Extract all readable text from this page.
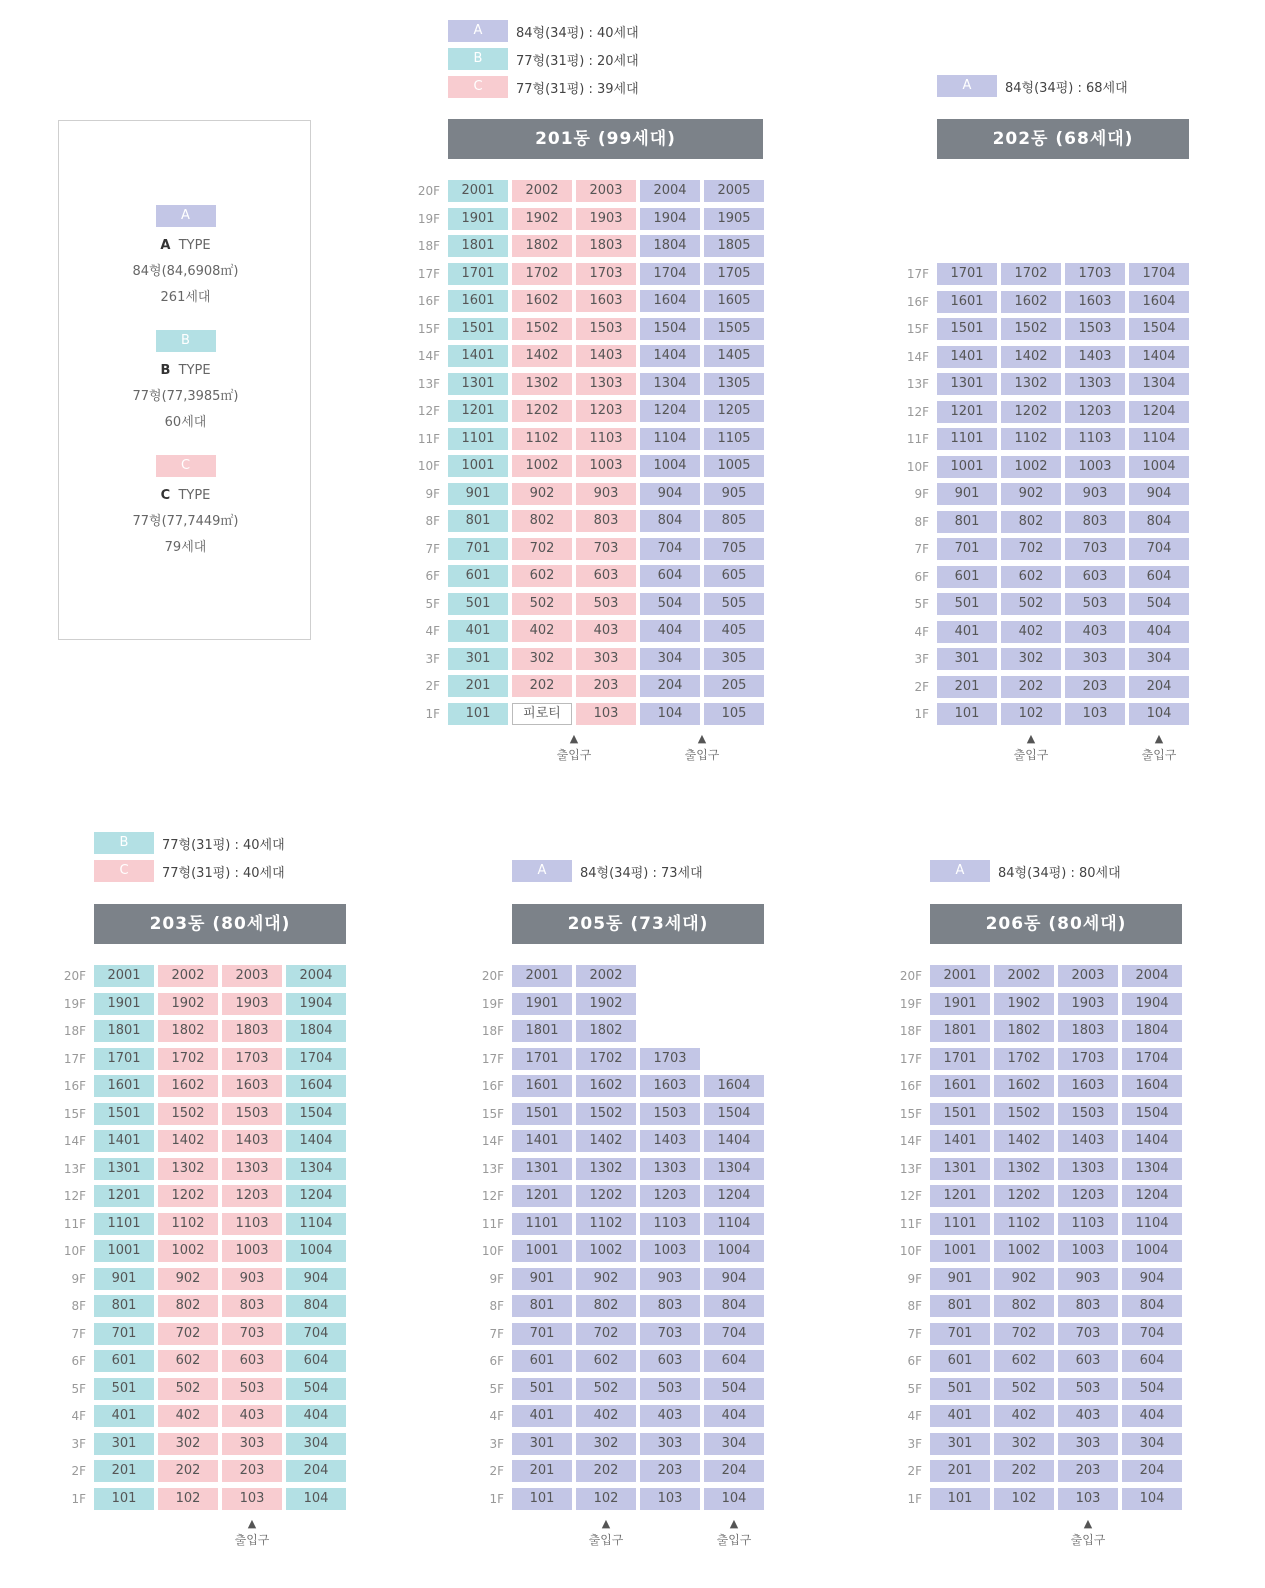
A
A TYPE
84형(84,6908㎡)
261세대
B
B TYPE
77형(77,3985㎡)
60세대
C
C TYPE
77형(77,7449㎡)
79세대
A	84형(34평) : 40세대
B	77형(31평) : 20세대
C	77형(31평) : 39세대
201동 (99세대)
20F	2001	2002	2003	2004	2005
19F	1901	1902	1903	1904	1905
18F	1801	1802	1803	1804	1805
17F	1701	1702	1703	1704	1705
16F	1601	1602	1603	1604	1605
15F	1501	1502	1503	1504	1505
14F	1401	1402	1403	1404	1405
13F	1301	1302	1303	1304	1305
12F	1201	1202	1203	1204	1205
11F	1101	1102	1103	1104	1105
10F	1001	1002	1003	1004	1005
9F	901	902	903	904	905
8F	801	802	803	804	805
7F	701	702	703	704	705
6F	601	602	603	604	605
5F	501	502	503	504	505
4F	401	402	403	404	405
3F	301	302	303	304	305
2F	201	202	203	204	205
1F	101	피로티	103	104	105
▲
출입구
▲
출입구
A	84형(34평) : 68세대
202동 (68세대)
17F	1701	1702	1703	1704
16F	1601	1602	1603	1604
15F	1501	1502	1503	1504
14F	1401	1402	1403	1404
13F	1301	1302	1303	1304
12F	1201	1202	1203	1204
11F	1101	1102	1103	1104
10F	1001	1002	1003	1004
9F	901	902	903	904
8F	801	802	803	804
7F	701	702	703	704
6F	601	602	603	604
5F	501	502	503	504
4F	401	402	403	404
3F	301	302	303	304
2F	201	202	203	204
1F	101	102	103	104
▲
출입구
▲
출입구
B	77형(31평) : 40세대
C	77형(31평) : 40세대
203동 (80세대)
20F	2001	2002	2003	2004
19F	1901	1902	1903	1904
18F	1801	1802	1803	1804
17F	1701	1702	1703	1704
16F	1601	1602	1603	1604
15F	1501	1502	1503	1504
14F	1401	1402	1403	1404
13F	1301	1302	1303	1304
12F	1201	1202	1203	1204
11F	1101	1102	1103	1104
10F	1001	1002	1003	1004
9F	901	902	903	904
8F	801	802	803	804
7F	701	702	703	704
6F	601	602	603	604
5F	501	502	503	504
4F	401	402	403	404
3F	301	302	303	304
2F	201	202	203	204
1F	101	102	103	104
▲
출입구
A	84형(34평) : 73세대
205동 (73세대)
20F	2001	2002
19F	1901	1902
18F	1801	1802
17F	1701	1702	1703
16F	1601	1602	1603	1604
15F	1501	1502	1503	1504
14F	1401	1402	1403	1404
13F	1301	1302	1303	1304
12F	1201	1202	1203	1204
11F	1101	1102	1103	1104
10F	1001	1002	1003	1004
9F	901	902	903	904
8F	801	802	803	804
7F	701	702	703	704
6F	601	602	603	604
5F	501	502	503	504
4F	401	402	403	404
3F	301	302	303	304
2F	201	202	203	204
1F	101	102	103	104
▲
출입구
▲
출입구
A	84형(34평) : 80세대
206동 (80세대)
20F	2001	2002	2003	2004
19F	1901	1902	1903	1904
18F	1801	1802	1803	1804
17F	1701	1702	1703	1704
16F	1601	1602	1603	1604
15F	1501	1502	1503	1504
14F	1401	1402	1403	1404
13F	1301	1302	1303	1304
12F	1201	1202	1203	1204
11F	1101	1102	1103	1104
10F	1001	1002	1003	1004
9F	901	902	903	904
8F	801	802	803	804
7F	701	702	703	704
6F	601	602	603	604
5F	501	502	503	504
4F	401	402	403	404
3F	301	302	303	304
2F	201	202	203	204
1F	101	102	103	104
▲
출입구
